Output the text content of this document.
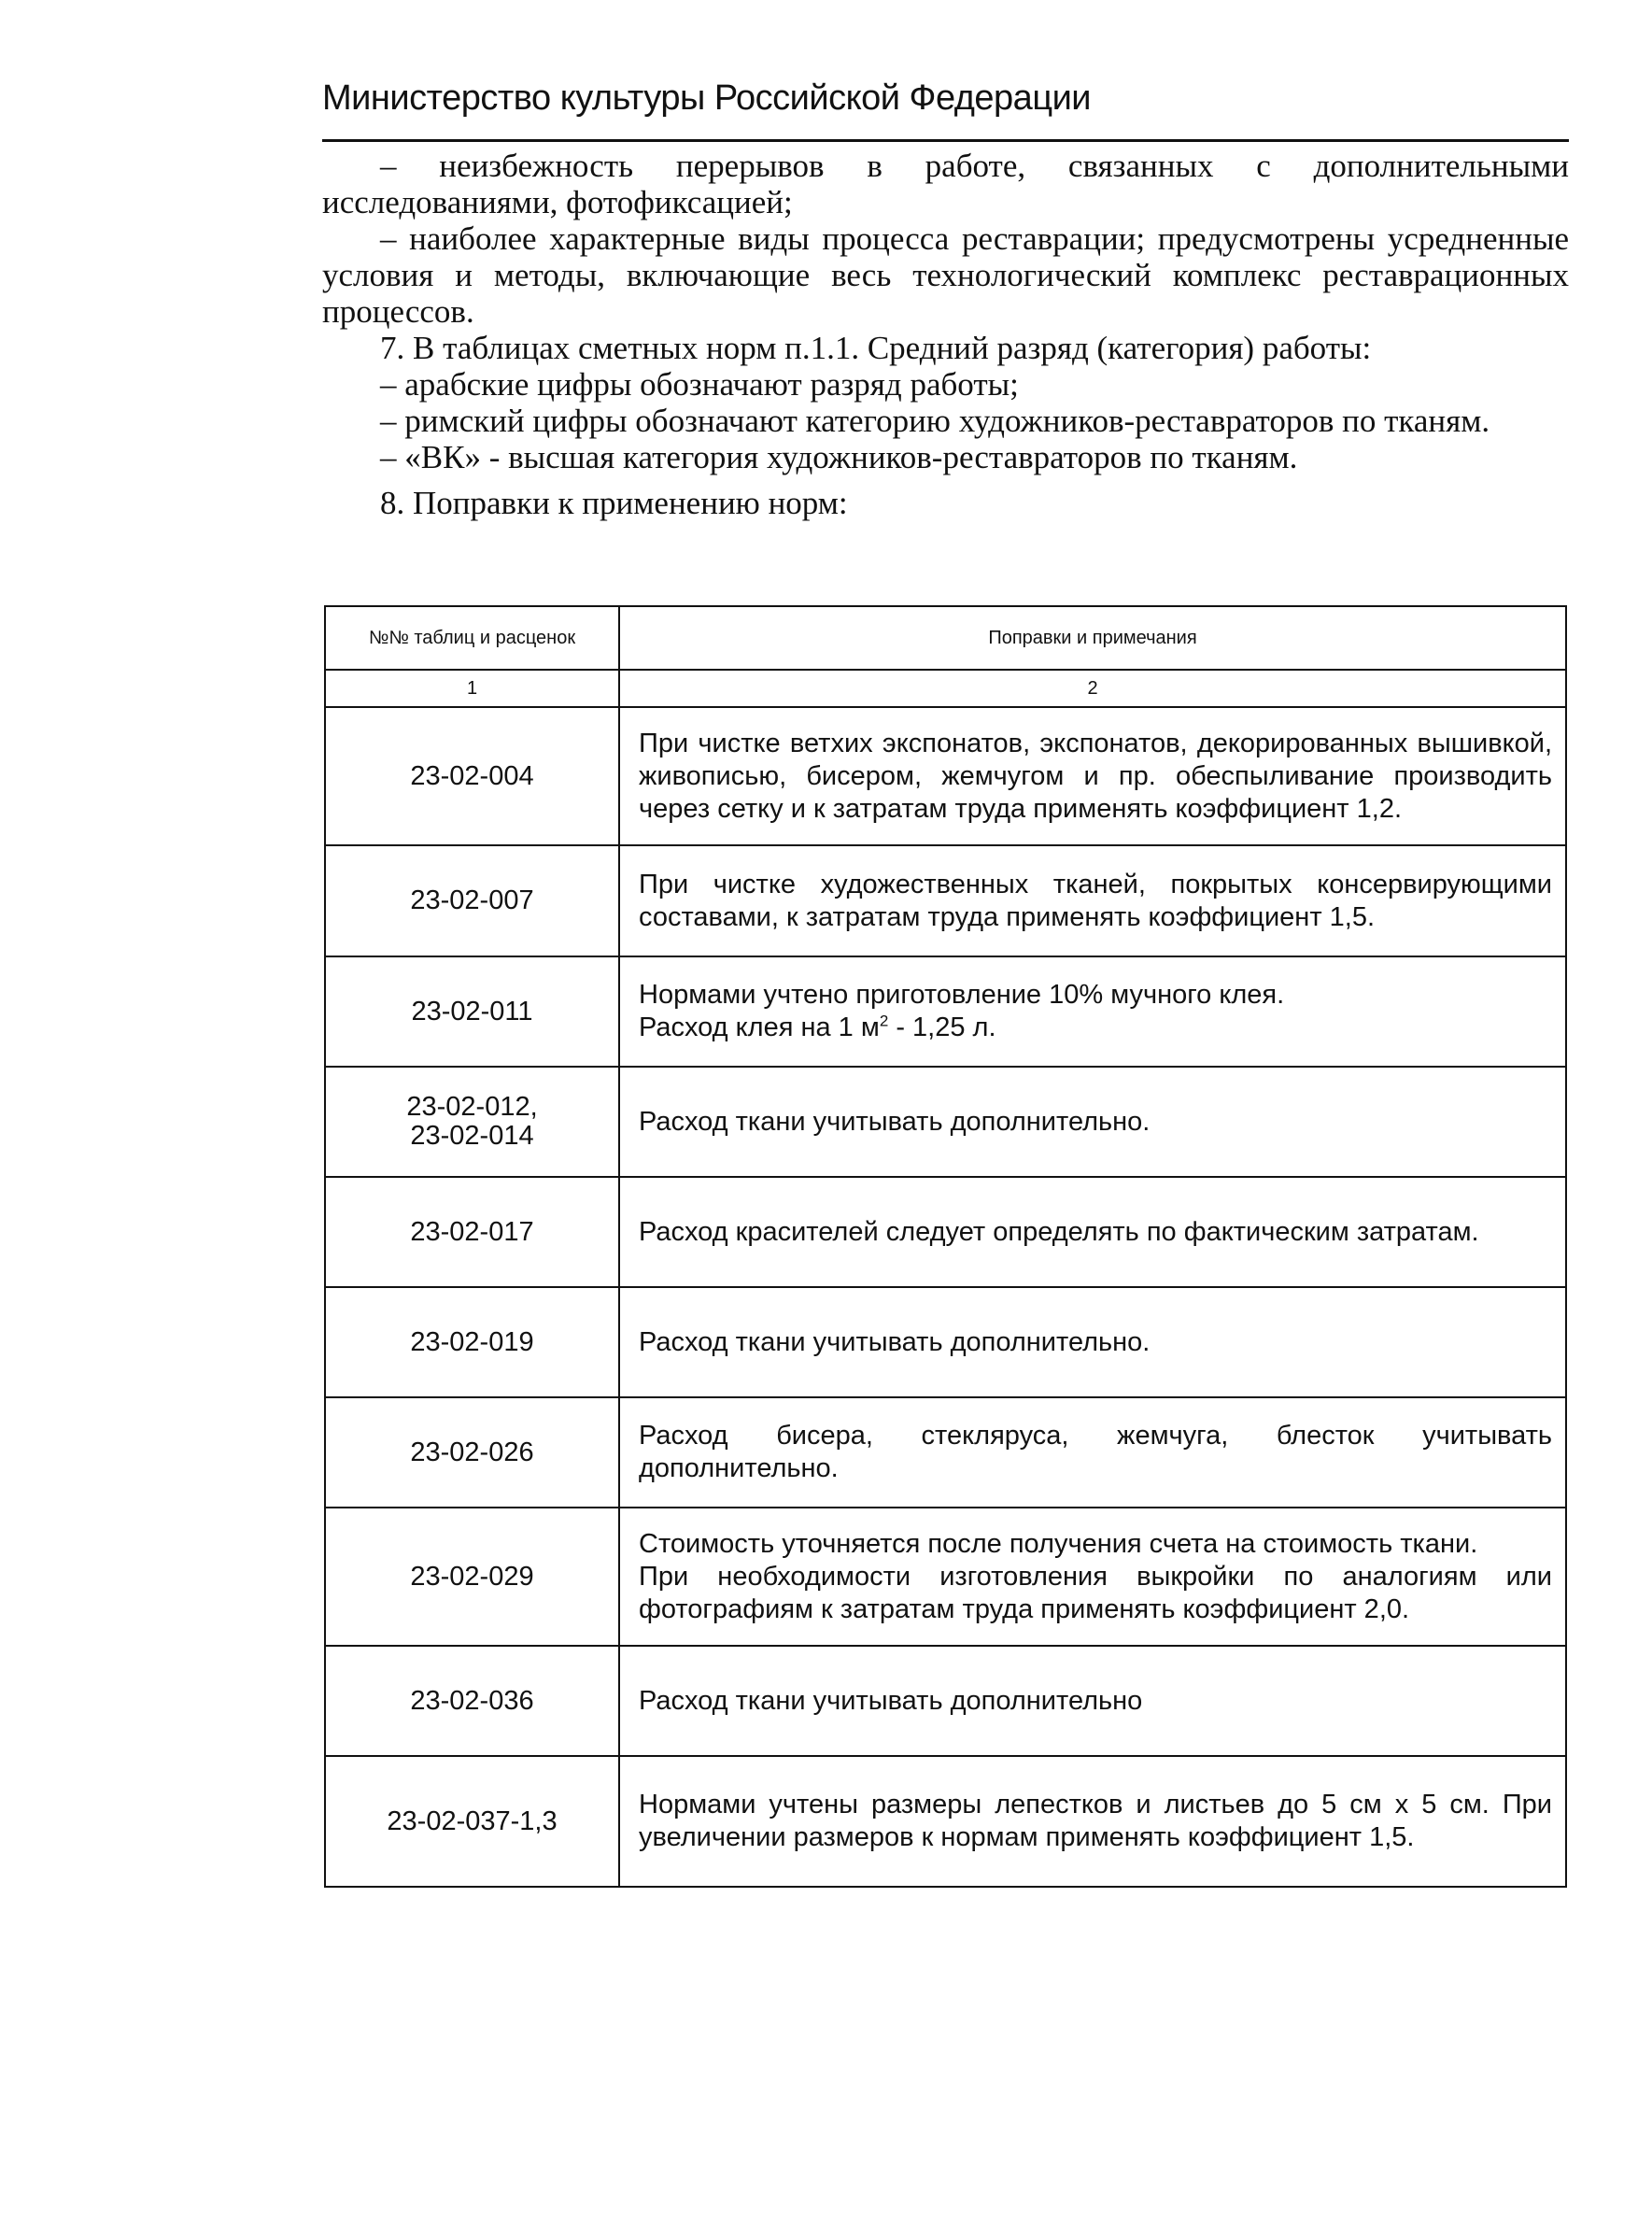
Министерство культуры Российской Федерации

– неизбежность перерывов в работе, связанных с дополнительными исследованиями, фотофиксацией;

– наиболее характерные виды процесса реставрации; предусмотрены усредненные условия и методы, включающие весь технологический комплекс реставрационных процессов.

7. В таблицах сметных норм п.1.1. Средний разряд (категория) работы:

– арабские цифры обозначают разряд работы;

– римский цифры обозначают категорию художников-реставраторов по тканям.

– «ВК» - высшая категория художников-реставраторов по тканям.

8. Поправки к применению норм:

№№ таблиц и расценок	Поправки и примечания
1	2
23-02-004	При чистке ветхих экспонатов, экспонатов, декорированных вышивкой, живописью, бисером, жемчугом и пр. обеспыливание производить через сетку и к затратам труда применять коэффициент 1,2.
23-02-007	При чистке художественных тканей, покрытых консервирующими составами, к затратам труда применять коэффициент 1,5.
23-02-011	Нормами учтено приготовление 10% мучного клея.
Расход клея на 1 $м^2 - 1,25$ л.

23-02-012,
23-02-014	Расход ткани учитывать дополнительно.
23-02-017	Расход красителей следует определять по фактическим затратам.
23-02-019	Расход ткани учитывать дополнительно.
23-02-026	Расход бисера, стекляруса, жемчуга, блесток учитывать дополнительно.
23-02-029	Стоимость уточняется после получения счета на стоимость ткани.
При необходимости изготовления выкройки по аналогиям или фотографиям к затратам труда применять коэффициент 2,0.

23-02-036	Расход ткани учитывать дополнительно
23-02-037-1,3	Нормами учтены размеры лепестков и листьев до 5 см х 5 см. При увеличении размеров к нормам применять коэффициент 1,5.
